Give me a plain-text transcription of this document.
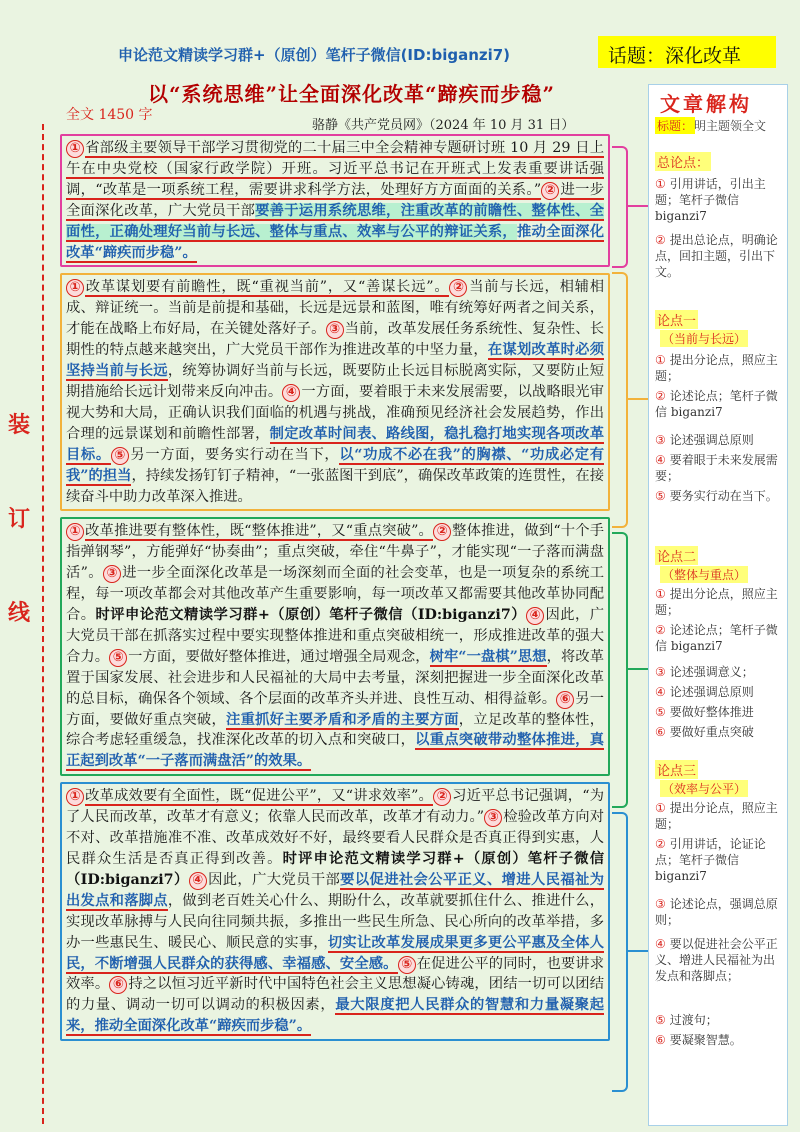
申论范文精读学习群+（原创）笔杆子微信(ID:biganzi7)	话题：深化改革
以“系统思维”让全面深化改革“蹄疾而步稳”
全文 1450 字
骆静《共产党员网》（2024 年 10 月 31 日）
装
订
线

① 省部级主要领导干部学习贯彻党的二十届三中全会精神专题研讨班 10 月 29 日上午在中央党校（国家行政学院）开班。习近平总书记在开班式上发表重要讲话强调，“改革是一项系统工程，需要讲求科学方法，处理好方方面面的关系。” ② 进一步全面深化改革，广大党员干部要善于运用系统思维，注重改革的前瞻性、整体性、全面性，正确处理好当前与长远、整体与重点、效率与公平的辩证关系，推动全面深化改革“蹄疾而步稳”。

① 改革谋划要有前瞻性，既“重视当前”，又“善谋长远”。 ② 当前与长远，相辅相成、辩证统一。当前是前提和基础，长远是远景和蓝图，唯有统筹好两者之间关系，才能在战略上布好局，在关键处落好子。 ③ 当前，改革发展任务系统性、复杂性、长期性的特点越来越突出，广大党员干部作为推进改革的中坚力量，在谋划改革时必须坚持当前与长远，统筹协调好当前与长远，既要防止长远目标脱离实际，又要防止短期措施给长远计划带来反向冲击。 ④ 一方面，要着眼于未来发展需要，以战略眼光审视大势和大局，正确认识我们面临的机遇与挑战，准确预见经济社会发展趋势，作出合理的远景谋划和前瞻性部署，制定改革时间表、路线图，稳扎稳打地实现各项改革目标。 ⑤ 另一方面，要务实行动在当下，以“功成不必在我”的胸襟、“功成必定有我”的担当，持续发扬钉钉子精神，“一张蓝图干到底”，确保改革政策的连贯性，在接续奋斗中助力改革深入推进。

① 改革推进要有整体性，既“整体推进”，又“重点突破”。 ② 整体推进，做到“十个手指弹钢琴”，方能弹好“协奏曲”；重点突破，牵住“牛鼻子”，才能实现“一子落而满盘活”。 ③ 进一步全面深化改革是一场深刻而全面的社会变革，也是一项复杂的系统工程，每一项改革都会对其他改革产生重要影响，每一项改革又都需要其他改革协同配合。时评申论范文精读学习群+（原创）笔杆子微信（ID:biganzi7） ④ 因此，广大党员干部在抓落实过程中要实现整体推进和重点突破相统一，形成推进改革的强大合力。 ⑤ 一方面，要做好整体推进，通过增强全局观念，树牢“一盘棋”思想，将改革置于国家发展、社会进步和人民福祉的大局中去考量，深刻把握进一步全面深化改革的总目标，确保各个领域、各个层面的改革齐头并进、良性互动、相得益彰。 ⑥ 另一方面，要做好重点突破，注重抓好主要矛盾和矛盾的主要方面，立足改革的整体性，综合考虑轻重缓急，找准深化改革的切入点和突破口，以重点突破带动整体推进，真正起到改革“一子落而满盘活”的效果。

① 改革成效要有全面性，既“促进公平”，又“讲求效率”。 ② 习近平总书记强调，“为了人民而改革，改革才有意义；依靠人民而改革，改革才有动力。” ③ 检验改革方向对不对、改革措施准不准、改革成效好不好，最终要看人民群众是否真正得到实惠，人民群众生活是否真正得到改善。时评申论范文精读学习群+（原创）笔杆子微信（ID:biganzi7） ④ 因此，广大党员干部要以促进社会公平正义、增进人民福祉为出发点和落脚点，做到老百姓关心什么、期盼什么，改革就要抓住什么、推进什么，实现改革脉搏与人民向往同频共振，多推出一些民生所急、民心所向的改革举措，多办一些惠民生、暖民心、顺民意的实事，切实让改革发展成果更多更公平惠及全体人民，不断增强人民群众的获得感、幸福感、安全感。 ⑤ 在促进公平的同时，也要讲求效率。 ⑥ 持之以恒习近平新时代中国特色社会主义思想凝心铸魂，团结一切可以团结的力量、调动一切可以调动的积极因素，最大限度把人民群众的智慧和力量凝聚起来，推动全面深化改革“蹄疾而步稳”。

文章解构
标题： 明主题领全文
总论点：
① 引用讲话，引出主题；笔杆子微信 biganzi7
② 提出总论点，明确论点，回扣主题，引出下文。
论点一
（当前与长远）
① 提出分论点，照应主题；
② 论述论点；笔杆子微信 biganzi7
③ 论述强调总原则
④ 要着眼于未来发展需要；
⑤ 要务实行动在当下。
论点二
（整体与重点）
① 提出分论点，照应主题；
② 论述论点；笔杆子微信 biganzi7
③ 论述强调意义；
④ 论述强调总原则
⑤ 要做好整体推进
⑥ 要做好重点突破
论点三
（效率与公平）
① 提出分论点，照应主题；
② 引用讲话，论证论点；笔杆子微信 biganzi7
③ 论述论点，强调总原则；
④ 要以促进社会公平正义、增进人民福祉为出发点和落脚点；
⑤ 过渡句；
⑥ 要凝聚智慧。
